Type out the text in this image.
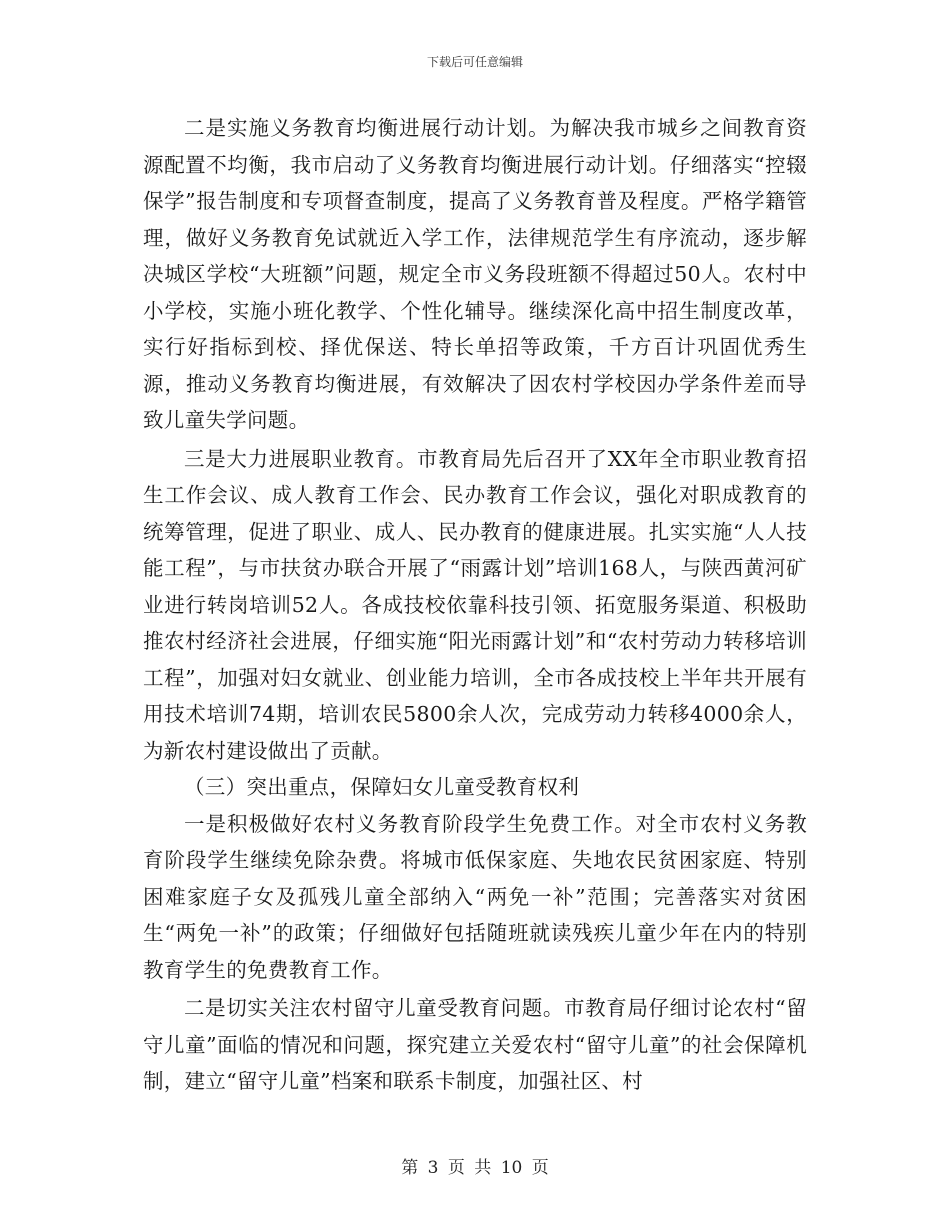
下载后可任意编辑

二是实施义务教育均衡进展行动计划。为解决我市城乡之间教育资源配置不均衡，我市启动了义务教育均衡进展行动计划。仔细落实“控辍保学”报告制度和专项督查制度，提高了义务教育普及程度。严格学籍管理，做好义务教育免试就近入学工作，法律规范学生有序流动，逐步解决城区学校“大班额”问题，规定全市义务段班额不得超过50人。农村中小学校，实施小班化教学、个性化辅导。继续深化高中招生制度改革，实行好指标到校、择优保送、特长单招等政策，千方百计巩固优秀生源，推动义务教育均衡进展，有效解决了因农村学校因办学条件差而导致儿童失学问题。

三是大力进展职业教育。市教育局先后召开了XX年全市职业教育招生工作会议、成人教育工作会、民办教育工作会议，强化对职成教育的统筹管理，促进了职业、成人、民办教育的健康进展。扎实实施“人人技能工程”，与市扶贫办联合开展了“雨露计划”培训168人，与陕西黄河矿业进行转岗培训52人。各成技校依靠科技引领、拓宽服务渠道、积极助推农村经济社会进展，仔细实施“阳光雨露计划”和“农村劳动力转移培训工程”，加强对妇女就业、创业能力培训，全市各成技校上半年共开展有用技术培训74期，培训农民5800余人次，完成劳动力转移4000余人，为新农村建设做出了贡献。

（三）突出重点，保障妇女儿童受教育权利

一是积极做好农村义务教育阶段学生免费工作。对全市农村义务教育阶段学生继续免除杂费。将城市低保家庭、失地农民贫困家庭、特别困难家庭子女及孤残儿童全部纳入“两免一补”范围；完善落实对贫困生“两免一补”的政策；仔细做好包括随班就读残疾儿童少年在内的特别教育学生的免费教育工作。

二是切实关注农村留守儿童受教育问题。市教育局仔细讨论农村“留守儿童”面临的情况和问题，探究建立关爱农村“留守儿童”的社会保障机制，建立“留守儿童”档案和联系卡制度，加强社区、村

第 3 页 共 10 页
